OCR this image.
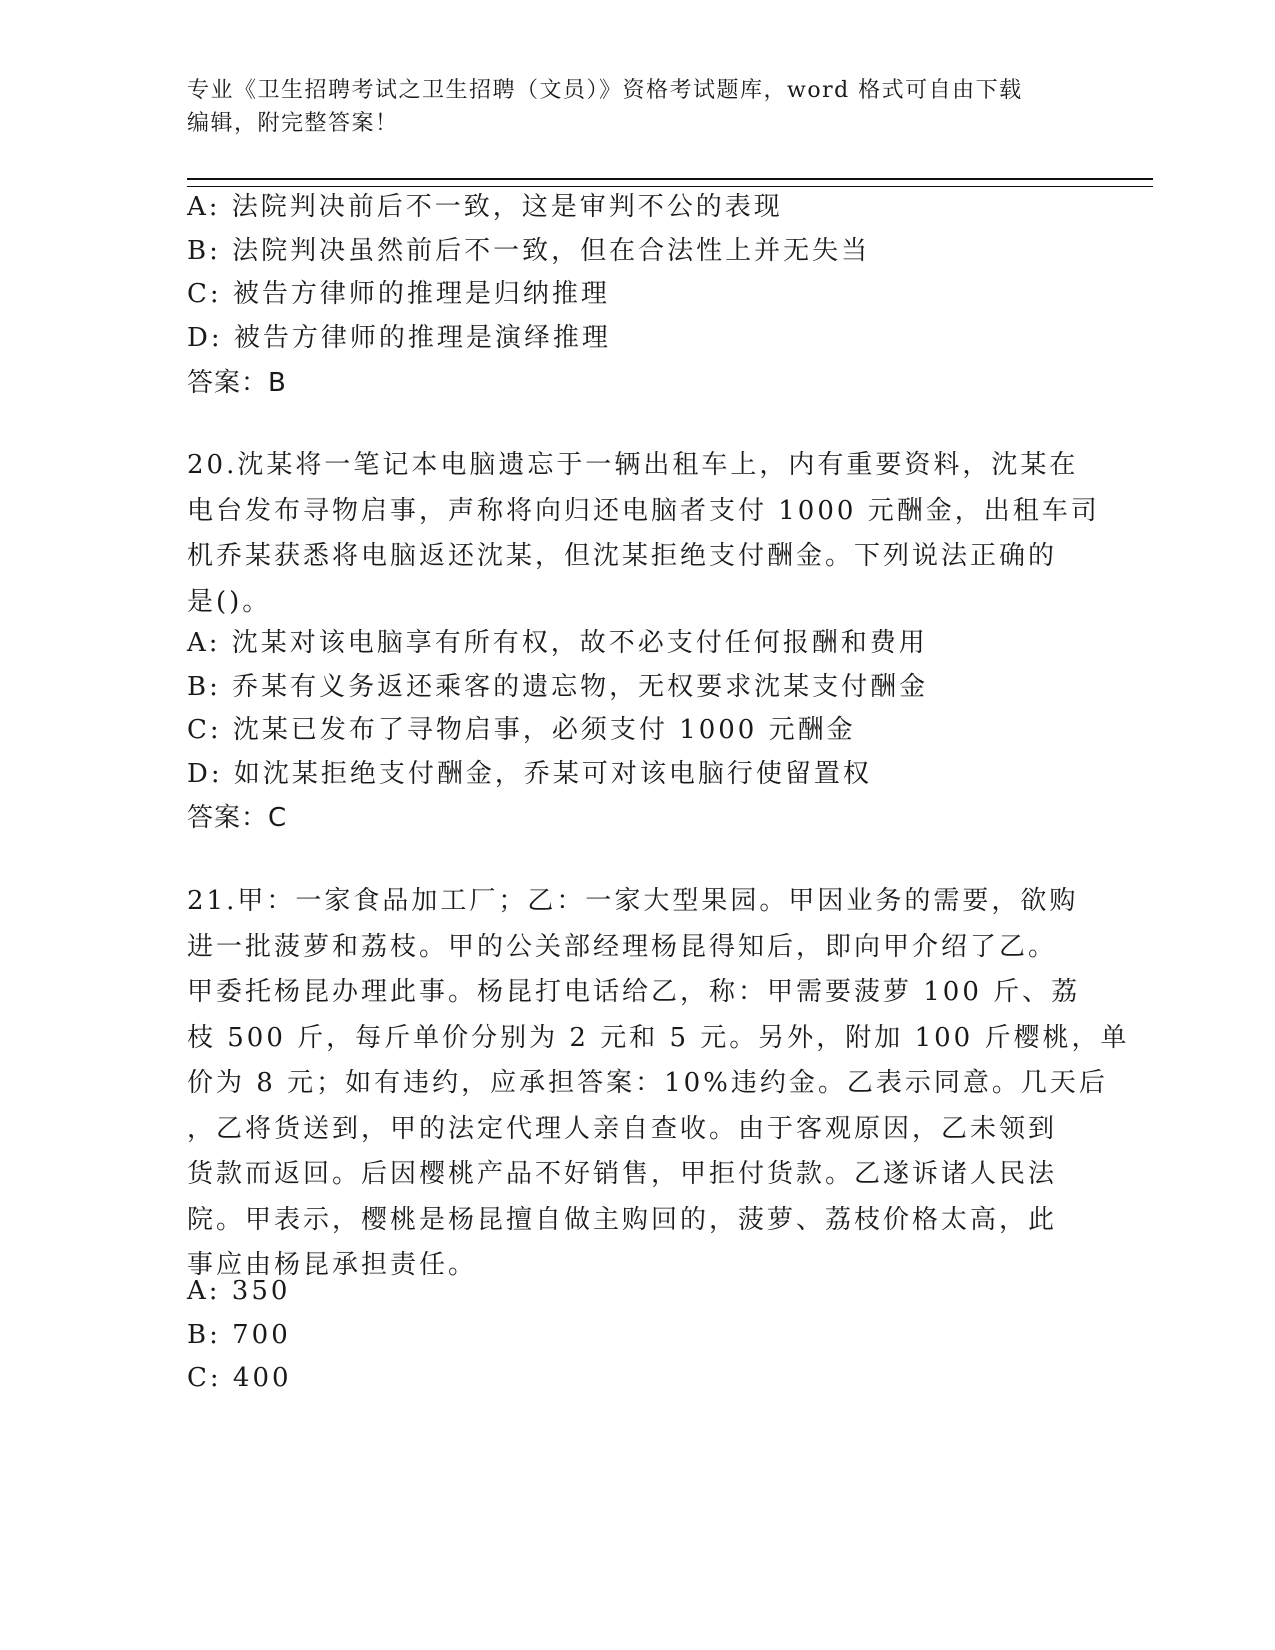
专业《卫生招聘考试之卫生招聘（文员）》资格考试题库，word 格式可自由下载
编辑，附完整答案！
A: 法院判决前后不一致，这是审判不公的表现
B: 法院判决虽然前后不一致，但在合法性上并无失当
C: 被告方律师的推理是归纳推理
D: 被告方律师的推理是演绎推理
答案：B
20.沈某将一笔记本电脑遗忘于一辆出租车上，内有重要资料，沈某在
电台发布寻物启事，声称将向归还电脑者支付 1000 元酬金，出租车司
机乔某获悉将电脑返还沈某，但沈某拒绝支付酬金。下列说法正确的
是()。
A: 沈某对该电脑享有所有权，故不必支付任何报酬和费用
B: 乔某有义务返还乘客的遗忘物，无权要求沈某支付酬金
C: 沈某已发布了寻物启事，必须支付 1000 元酬金
D: 如沈某拒绝支付酬金，乔某可对该电脑行使留置权
答案：C
21.甲：一家食品加工厂；乙：一家大型果园。甲因业务的需要，欲购
进一批菠萝和荔枝。甲的公关部经理杨昆得知后，即向甲介绍了乙。
甲委托杨昆办理此事。杨昆打电话给乙，称：甲需要菠萝 100 斤、荔
枝 500 斤，每斤单价分别为 2 元和 5 元。另外，附加 100 斤樱桃，单
价为 8 元；如有违约，应承担答案：10%违约金。乙表示同意。几天后
，乙将货送到，甲的法定代理人亲自查收。由于客观原因，乙未领到
货款而返回。后因樱桃产品不好销售，甲拒付货款。乙遂诉诸人民法
院。甲表示，樱桃是杨昆擅自做主购回的，菠萝、荔枝价格太高，此
事应由杨昆承担责任。
A: 350
B: 700
C: 400
